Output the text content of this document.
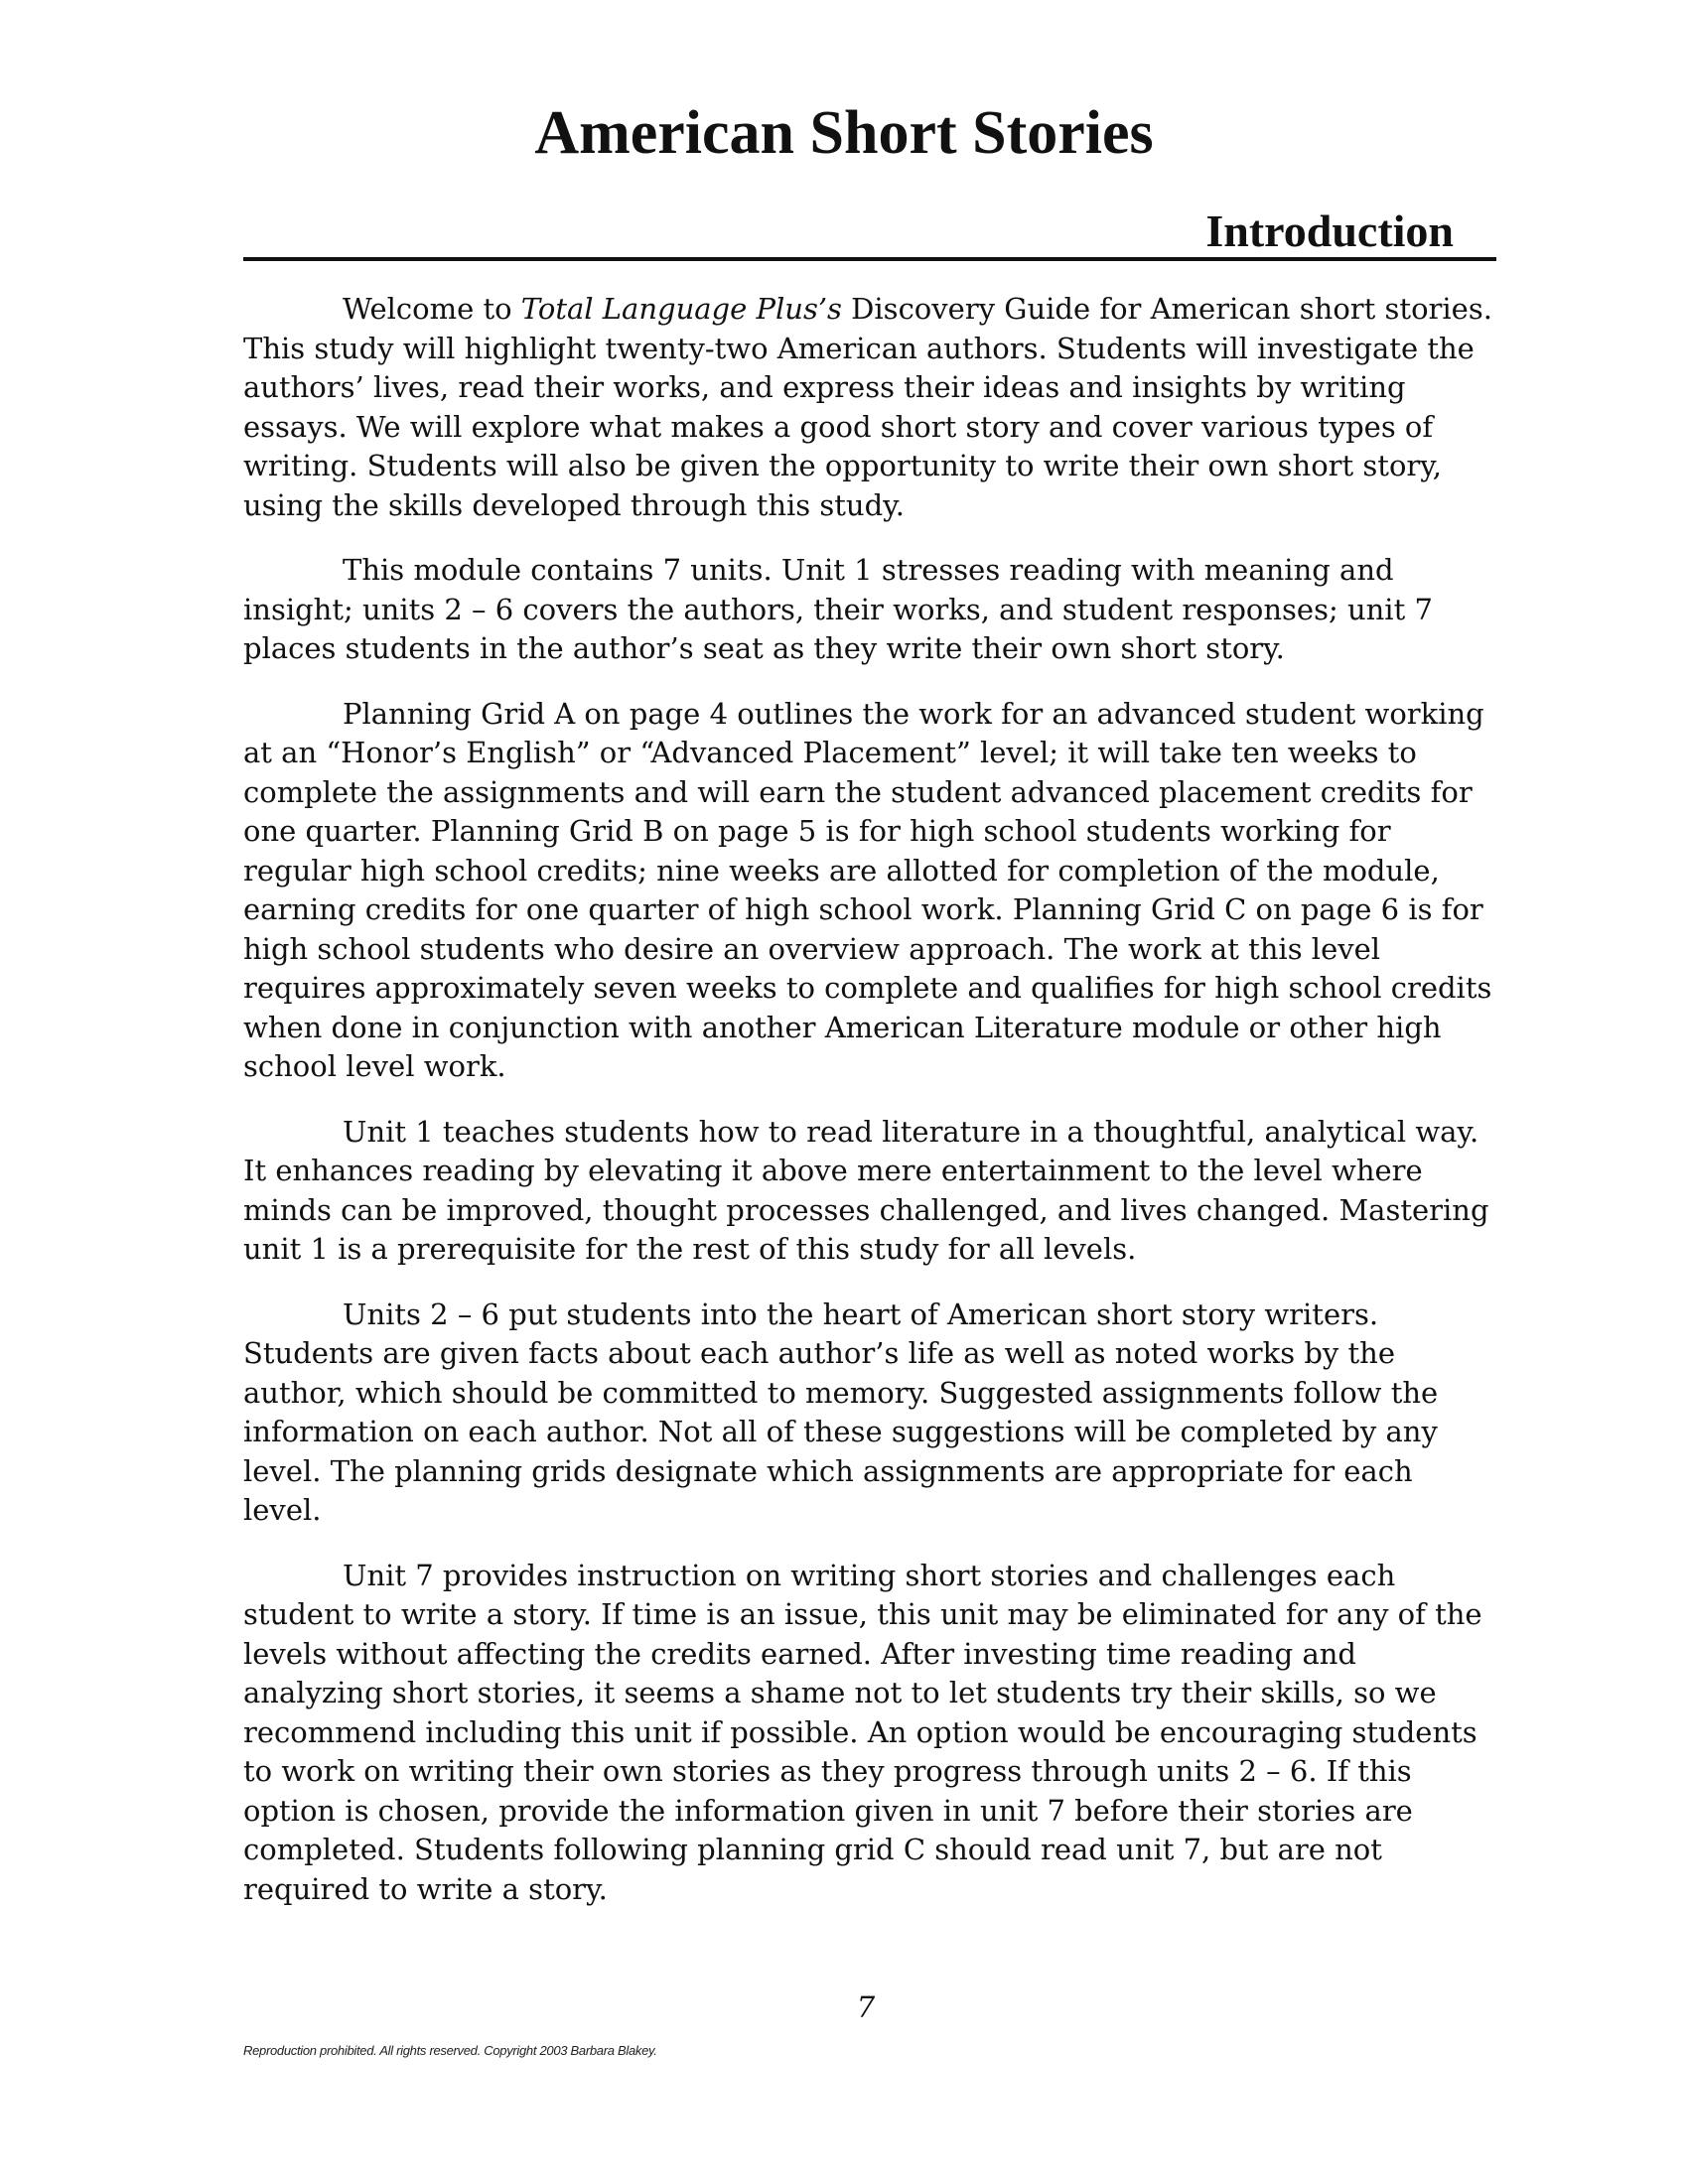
American Short Stories
Introduction

Welcome to Total Language Plus’s Discovery Guide for American short stories. This study will highlight twenty-two American authors. Students will investigate the authors’ lives, read their works, and express their ideas and insights by writing essays. We will explore what makes a good short story and cover various types of writing. Students will also be given the opportunity to write their own short story, using the skills developed through this study.

This module contains 7 units. Unit 1 stresses reading with meaning and insight; units 2 – 6 covers the authors, their works, and student responses; unit 7 places students in the author’s seat as they write their own short story.

Planning Grid A on page 4 outlines the work for an advanced student working at an “Honor’s English” or “Advanced Placement” level; it will take ten weeks to complete the assignments and will earn the student advanced placement credits for one quarter. Planning Grid B on page 5 is for high school students working for regular high school credits; nine weeks are allotted for completion of the module, earning credits for one quarter of high school work. Planning Grid C on page 6 is for high school students who desire an overview approach. The work at this level requires approximately seven weeks to complete and qualifies for high school credits when done in conjunction with another American Literature module or other high school level work.

Unit 1 teaches students how to read literature in a thoughtful, analytical way. It enhances reading by elevating it above mere entertainment to the level where minds can be improved, thought processes challenged, and lives changed. Mastering unit 1 is a prerequisite for the rest of this study for all levels.

Units 2 – 6 put students into the heart of American short story writers. Students are given facts about each author’s life as well as noted works by the author, which should be committed to memory. Suggested assignments follow the information on each author. Not all of these suggestions will be completed by any level. The planning grids designate which assignments are appropriate for each level.

Unit 7 provides instruction on writing short stories and challenges each student to write a story. If time is an issue, this unit may be eliminated for any of the levels without affecting the credits earned. After investing time reading and analyzing short stories, it seems a shame not to let students try their skills, so we recommend including this unit if possible. An option would be encouraging students to work on writing their own stories as they progress through units 2 – 6. If this option is chosen, provide the information given in unit 7 before their stories are completed. Students following planning grid C should read unit 7, but are not required to write a story.

7
Reproduction prohibited. All rights reserved. Copyright 2003 Barbara Blakey.
